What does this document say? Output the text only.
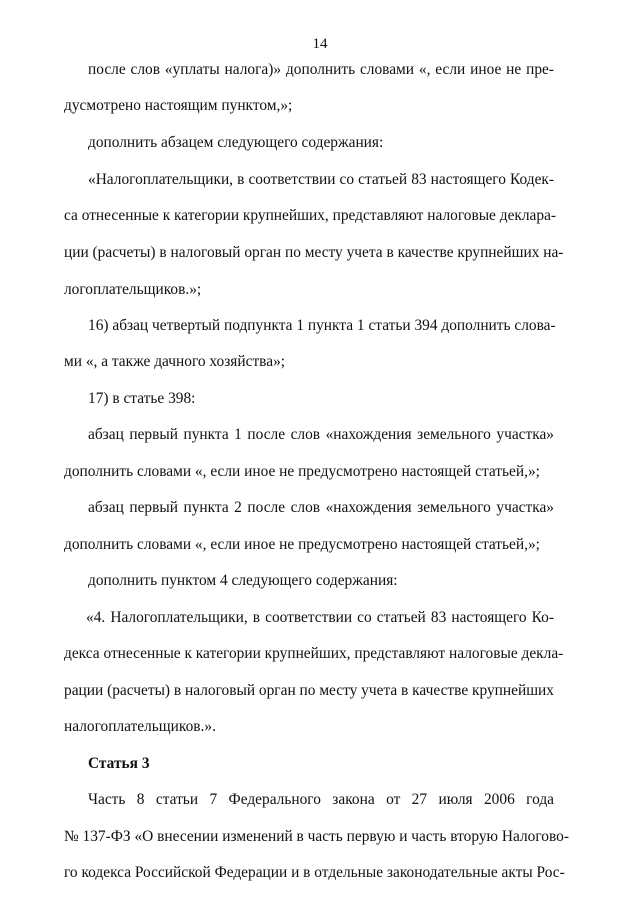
14
после слов «уплаты налога)» дополнить словами «, если иное не пре-
дусмотрено настоящим пунктом,»;
дополнить абзацем следующего содержания:
«Налогоплательщики, в соответствии со статьей 83 настоящего Кодек-
са отнесенные к категории крупнейших, представляют налоговые деклара-
ции (расчеты) в налоговый орган по месту учета в качестве крупнейших на-
логоплательщиков.»;
16) абзац четвертый подпункта 1 пункта 1 статьи 394 дополнить слова-
ми «, а также дачного хозяйства»;
17) в статье 398:
абзац первый пункта 1 после слов «нахождения земельного участка»
дополнить словами «, если иное не предусмотрено настоящей статьей,»;
абзац первый пункта 2 после слов «нахождения земельного участка»
дополнить словами «, если иное не предусмотрено настоящей статьей,»;
дополнить пунктом 4 следующего содержания:
«4. Налогоплательщики, в соответствии со статьей 83 настоящего Ко-
декса отнесенные к категории крупнейших, представляют налоговые декла-
рации (расчеты) в налоговый орган по месту учета в качестве крупнейших
налогоплательщиков.».
Статья 3
Часть 8 статьи 7 Федерального закона от 27 июля 2006 года
№ 137-ФЗ «О внесении изменений в часть первую и часть вторую Налогово-
го кодекса Российской Федерации и в отдельные законодательные акты Рос-
